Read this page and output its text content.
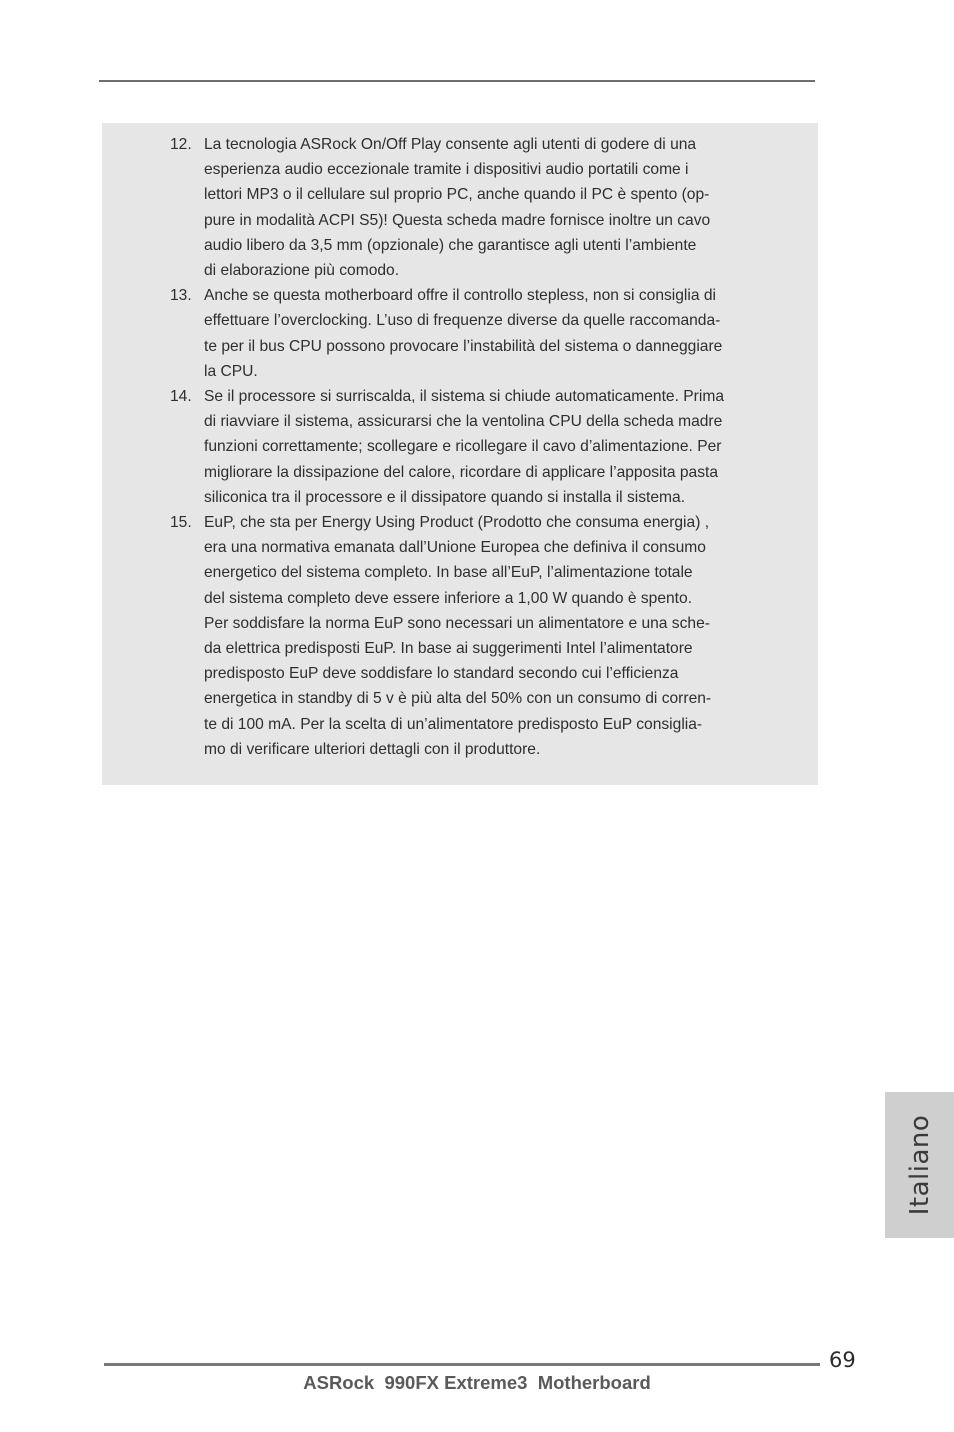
12. La tecnologia ASRock On/Off Play consente agli utenti di godere di una
esperienza audio eccezionale tramite i dispositivi audio portatili come i
lettori MP3 o il cellulare sul proprio PC, anche quando il PC è spento (op-
pure in modalità ACPI S5)! Questa scheda madre fornisce inoltre un cavo
audio libero da 3,5 mm (opzionale) che garantisce agli utenti l’ambiente
di elaborazione più comodo.
13. Anche se questa motherboard offre il controllo stepless, non si consiglia di
effettuare l’overclocking. L’uso di frequenze diverse da quelle raccomanda-
te per il bus CPU possono provocare l’instabilità del sistema o danneggiare
la CPU.
14. Se il processore si surriscalda, il sistema si chiude automaticamente. Prima
di riavviare il sistema, assicurarsi che la ventolina CPU della scheda madre
funzioni correttamente; scollegare e ricollegare il cavo d’alimentazione. Per
migliorare la dissipazione del calore, ricordare di applicare l’apposita pasta
siliconica tra il processore e il dissipatore quando si installa il sistema.
15. EuP, che sta per Energy Using Product (Prodotto che consuma energia) ,
era una normativa emanata dall’Unione Europea che definiva il consumo
energetico del sistema completo. In base all’EuP, l’alimentazione totale
del sistema completo deve essere inferiore a 1,00 W quando è spento.
Per soddisfare la norma EuP sono necessari un alimentatore e una sche-
da elettrica predisposti EuP. In base ai suggerimenti Intel l’alimentatore
predisposto EuP deve soddisfare lo standard secondo cui l’efficienza
energetica in standby di 5 v è più alta del 50% con un consumo di corren-
te di 100 mA. Per la scelta di un’alimentatore predisposto EuP consiglia-
mo di verificare ulteriori dettagli con il produttore.
Italiano
69
ASRock  990FX Extreme3  Motherboard
